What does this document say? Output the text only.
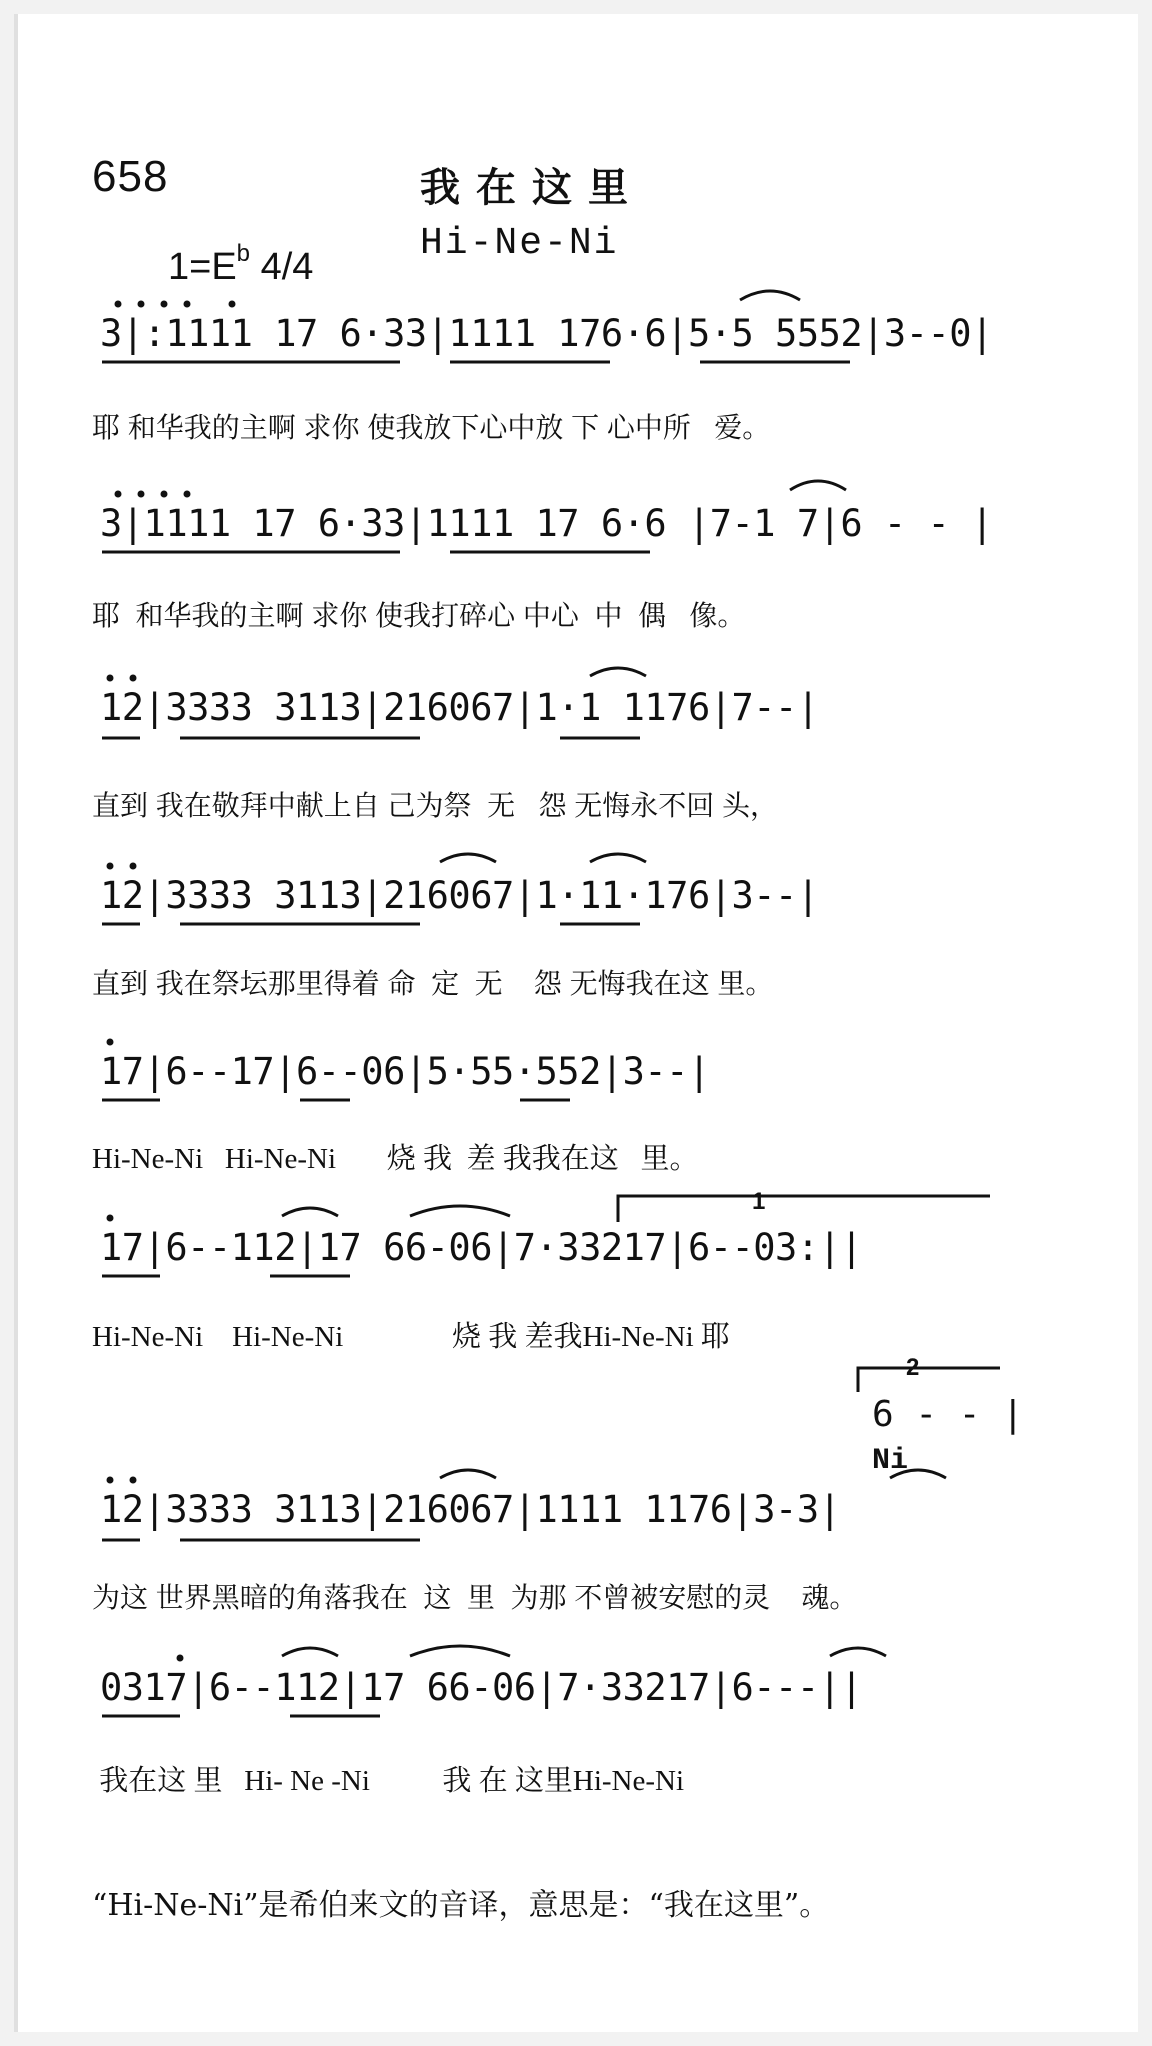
658	我在这里
Hi-Ne-Ni
$1=E^b$ 4/4
3|:1111 17 6·33|1111 176·6|5·5 5552|3--0|
耶 和华我的主啊 求你 使我放下心中放 下 心中所   爱。
3|1111 17 6·33|1111 17 6·6 |7-1 7|6 - - |
耶  和华我的主啊 求你 使我打碎心 中心  中  偶   像。
12|3333 3113|216067|1·1 1176|7--|
直到 我在敬拜中献上自 己为祭  无   怨 无悔永不回 头，
12|3333 3113|216067|1·11·176|3--|
直到 我在祭坛那里得着 命  定  无    怨 无悔我在这 里。
17|6--17|6--06|5·55·552|3--|
Hi-Ne-Ni   Hi-Ne-Ni       烧 我  差 我我在这   里。
1
17|6--112|17 66-06|7·33217|6--03:||
Hi-Ne-Ni    Hi-Ne-Ni               烧 我 差我Hi-Ne-Ni 耶
2
6 - - |
Ni
12|3333 3113|216067|1111 1176|3-3|
为这 世界黑暗的角落我在  这  里  为那 不曾被安慰的灵    魂。
0317|6--112|17 66-06|7·33217|6---||
我在这 里   Hi- Ne -Ni          我 在 这里Hi-Ne-Ni
“Hi-Ne-Ni”是希伯来文的音译，意思是：“我在这里”。
